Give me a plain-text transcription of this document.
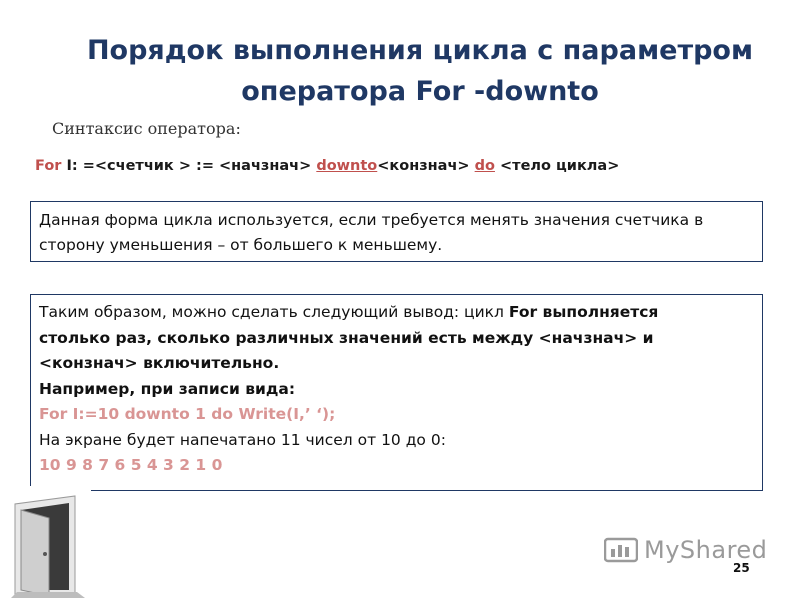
Порядок выполнения цикла с параметром
оператора For -downto
Синтаксис оператора:
For I: =<счетчик > := <начзнач> downto<конзнач> do <тело цикла>
Данная форма цикла используется, если требуется менять значения счетчика в сторону уменьшения – от большего к меньшему.
Таким образом, можно сделать следующий вывод: цикл For выполняется
столько раз, сколько различных значений есть между <начзнач> и
<конзнач> включительно.
Например, при записи вида:
For I:=10 downto 1 do Write(I,’ ‘);
На экране будет напечатано 11 чисел от 10 до 0:
10 9 8 7 6 5 4 3 2 1 0
MyShared
25
